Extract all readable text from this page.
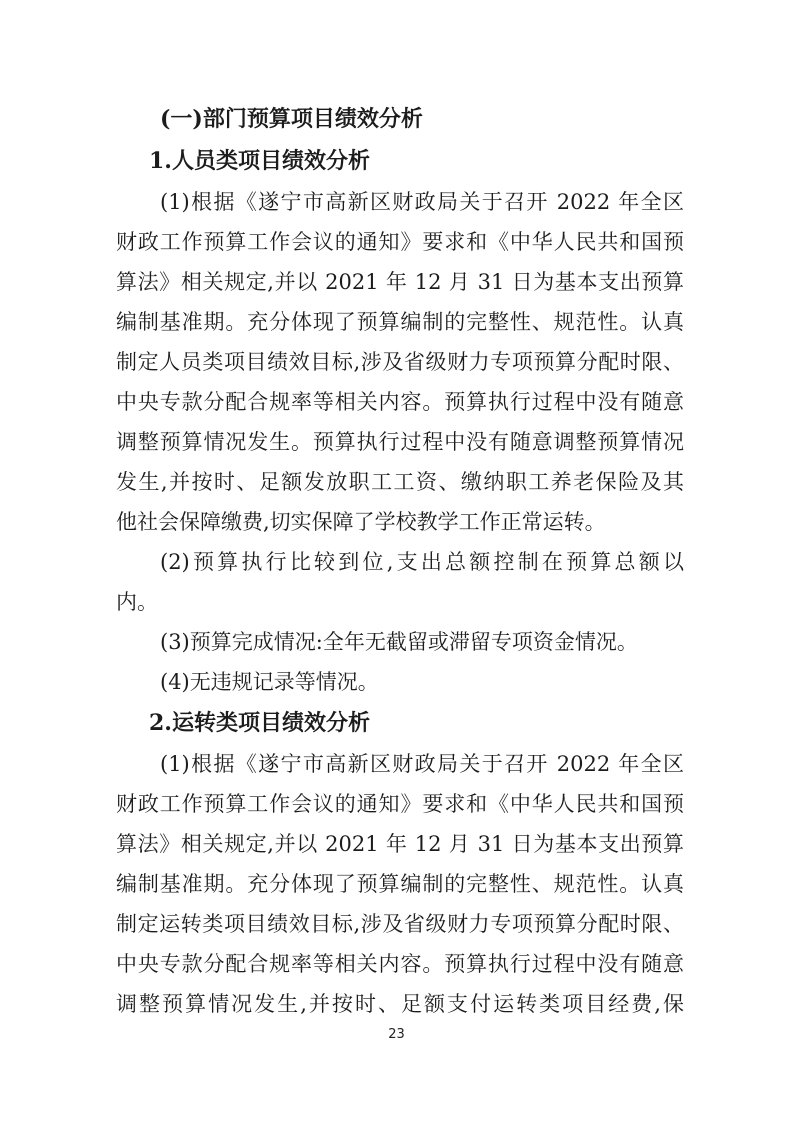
(一)部门预算项目绩效分析
1.人员类项目绩效分析
(1)根据《遂宁市高新区财政局关于召开 2022 年全区
财政工作预算工作会议的通知》要求和《中华人民共和国预
算法》相关规定,并以 2021 年 12 月 31 日为基本支出预算
编制基准期。充分体现了预算编制的完整性、规范性。认真
制定人员类项目绩效目标,涉及省级财力专项预算分配时限、
中央专款分配合规率等相关内容。预算执行过程中没有随意
调整预算情况发生。预算执行过程中没有随意调整预算情况
发生,并按时、足额发放职工工资、缴纳职工养老保险及其
他社会保障缴费,切实保障了学校教学工作正常运转。
(2)预算执行比较到位,支出总额控制在预算总额以
内。
(3)预算完成情况:全年无截留或滞留专项资金情况。
(4)无违规记录等情况。
2.运转类项目绩效分析
(1)根据《遂宁市高新区财政局关于召开 2022 年全区
财政工作预算工作会议的通知》要求和《中华人民共和国预
算法》相关规定,并以 2021 年 12 月 31 日为基本支出预算
编制基准期。充分体现了预算编制的完整性、规范性。认真
制定运转类项目绩效目标,涉及省级财力专项预算分配时限、
中央专款分配合规率等相关内容。预算执行过程中没有随意
调整预算情况发生,并按时、足额支付运转类项目经费,保
23
